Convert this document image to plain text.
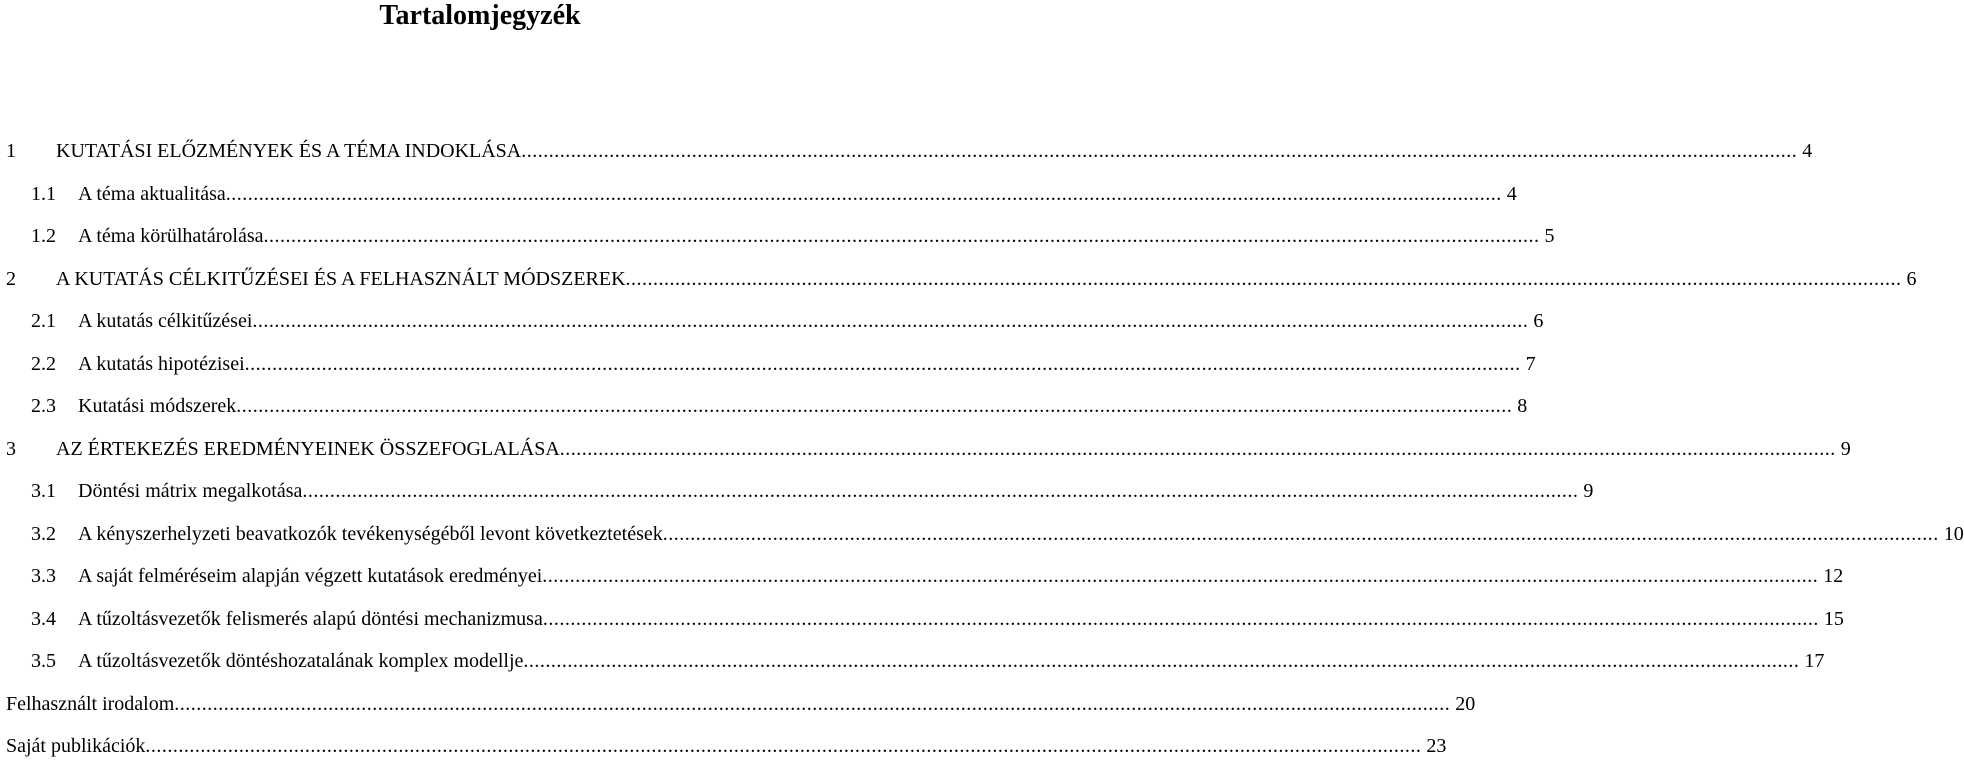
Tartalomjegyzék
1 KUTATÁSI ELŐZMÉNYEK ÉS A TÉMA INDOKLÁSA .....	4
1.1 A téma aktualitása .....	4
1.2 A téma körülhatárolása .....	5
2 A KUTATÁS CÉLKITŰZÉSEI ÉS A FELHASZNÁLT MÓDSZEREK .....	6
2.1 A kutatás célkitűzései .....	6
2.2 A kutatás hipotézisei .....	7
2.3 Kutatási módszerek .....	8
3 AZ ÉRTEKEZÉS EREDMÉNYEINEK ÖSSZEFOGLALÁSA .....	9
3.1 Döntési mátrix megalkotása .....	9
3.2 A kényszerhelyzeti beavatkozók tevékenységéből levont következtetések .....	10
3.3 A saját felméréseim alapján végzett kutatások eredményei .....	12
3.4 A tűzoltásvezetők felismerés alapú döntési mechanizmusa .....	15
3.5 A tűzoltásvezetők döntéshozatalának komplex modellje .....	17
Felhasznált irodalom .....	20
Saját publikációk .....	23
